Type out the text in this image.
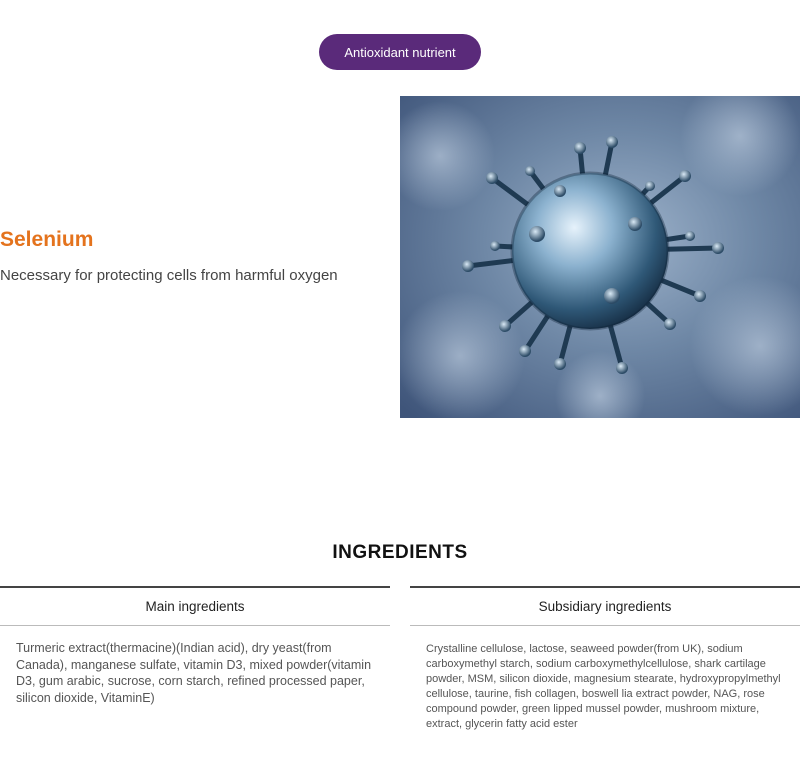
Antioxidant nutrient
Selenium

Necessary for protecting cells from harmful oxygen

INGREDIENTS
Main ingredients
Turmeric extract(thermacine)(Indian acid), dry yeast(from Canada), manganese sulfate, vitamin D3, mixed powder(vitamin D3, gum arabic, sucrose, corn starch, refined processed paper, silicon dioxide, VitaminE)
Subsidiary ingredients
Crystalline cellulose, lactose, seaweed powder(from UK), sodium carboxymethyl starch, sodium carboxymethylcellulose, shark cartilage powder, MSM, silicon dioxide, magnesium stearate, hydroxypropylmethyl cellulose, taurine, fish collagen, boswell lia extract powder, NAG, rose compound powder, green lipped mussel powder, mushroom mixture, extract, glycerin fatty acid ester
